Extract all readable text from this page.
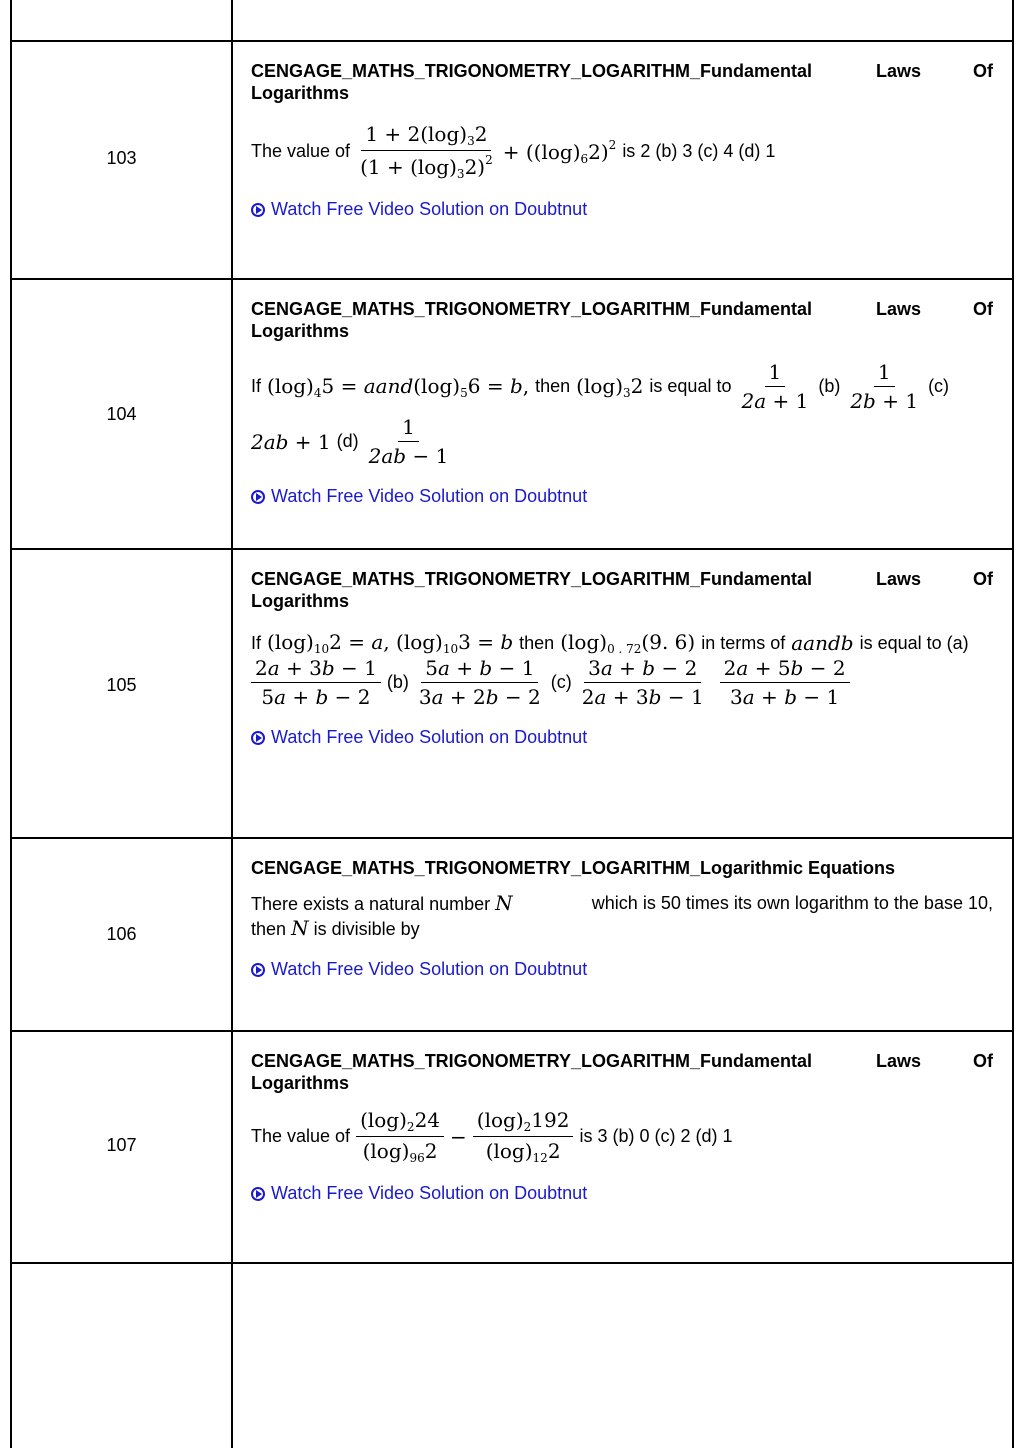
103
CENGAGE_MATHS_TRIGONOMETRY_LOGARITHM_Fundamental	Laws	Of
Logarithms
The value of $\frac{1 + 2(\log)_32}{(1 + (\log)_32)^2} + ((\log)_62)^2$ is 2 (b) 3 (c) 4 (d) 1
Watch Free Video Solution on Doubtnut
104
CENGAGE_MATHS_TRIGONOMETRY_LOGARITHM_Fundamental	Laws	Of
Logarithms
If $(\log)_45$ = $aand(\log)_56 = b$, then $(\log)_32$ is equal to $\frac{1}{2a + 1} (b) \frac{1}{2b + 1} (c)$
2ab + 1 $(d) \frac{1}{2ab - 1}$
Watch Free Video Solution on Doubtnut
105
CENGAGE_MATHS_TRIGONOMETRY_LOGARITHM_Fundamental	Laws	Of
Logarithms
If $(\log)_{10}2 = a$, $(\log)_{10}3 = b$ then $(\log)_{0 . 72}(9$. 6) in terms of aandb is equal to (a)
$\frac{2a + 3b - 1}{5a + b - 2} (b) \frac{5a + b - 1}{3a + 2b - 2} (c) \frac{3a + b - 2}{2a + 3b - 1} \frac{2a + 5b - 2}{3a + b - 1}$
Watch Free Video Solution on Doubtnut
106
CENGAGE_MATHS_TRIGONOMETRY_LOGARITHM_Logarithmic Equations
There exists a natural number N	which is 50 times its own logarithm to the base 10,
then N is divisible by
Watch Free Video Solution on Doubtnut
107
CENGAGE_MATHS_TRIGONOMETRY_LOGARITHM_Fundamental	Laws	Of
Logarithms
The value of $\frac{(\log)_224}{(\log)_{96}2} - \frac{(\log)_2192}{(\log)_{12}2}$ is 3 (b) 0 (c) 2 (d) 1
Watch Free Video Solution on Doubtnut
